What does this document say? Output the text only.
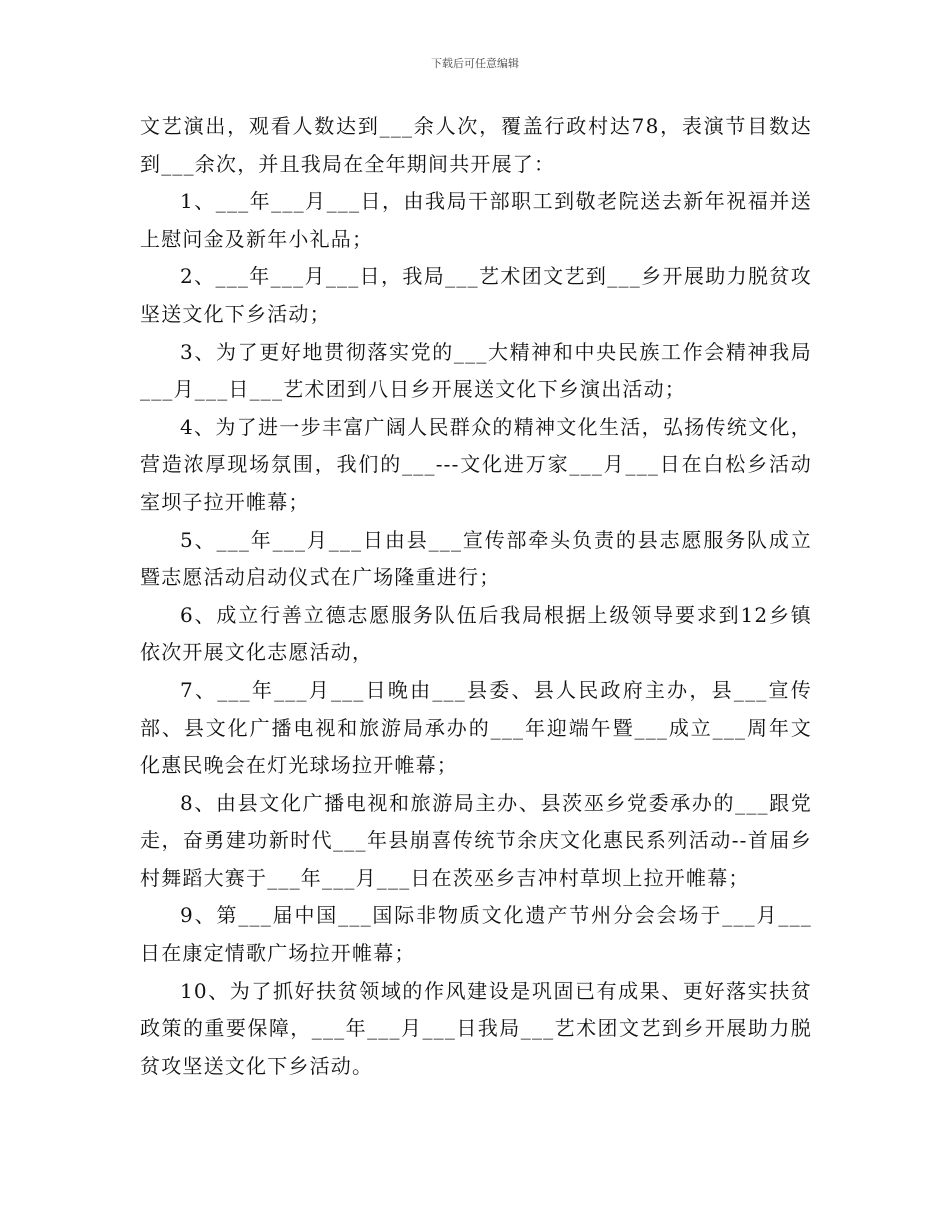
下载后可任意编辑

文艺演出，观看人数达到___余人次，覆盖行政村达78，表演节目数达到___余次，并且我局在全年期间共开展了：

1、___年___月___日，由我局干部职工到敬老院送去新年祝福并送上慰问金及新年小礼品；

2、___年___月___日，我局___艺术团文艺到___乡开展助力脱贫攻坚送文化下乡活动；

3、为了更好地贯彻落实党的___大精神和中央民族工作会精神我局___月___日___艺术团到八日乡开展送文化下乡演出活动；

4、为了进一步丰富广阔人民群众的精神文化生活，弘扬传统文化，营造浓厚现场氛围，我们的___---文化进万家___月___日在白松乡活动室坝子拉开帷幕；

5、___年___月___日由县___宣传部牵头负责的县志愿服务队成立暨志愿活动启动仪式在广场隆重进行；

6、成立行善立德志愿服务队伍后我局根据上级领导要求到12乡镇依次开展文化志愿活动，

7、___年___月___日晚由___县委、县人民政府主办，县___宣传部、县文化广播电视和旅游局承办的___年迎端午暨___成立___周年文化惠民晚会在灯光球场拉开帷幕；

8、由县文化广播电视和旅游局主办、县茨巫乡党委承办的___跟党走，奋勇建功新时代___年县崩喜传统节余庆文化惠民系列活动--首届乡村舞蹈大赛于___年___月___日在茨巫乡吉冲村草坝上拉开帷幕；

9、第___届中国___国际非物质文化遗产节州分会会场于___月___日在康定情歌广场拉开帷幕；

10、为了抓好扶贫领域的作风建设是巩固已有成果、更好落实扶贫政策的重要保障，___年___月___日我局___艺术团文艺到乡开展助力脱贫攻坚送文化下乡活动。
